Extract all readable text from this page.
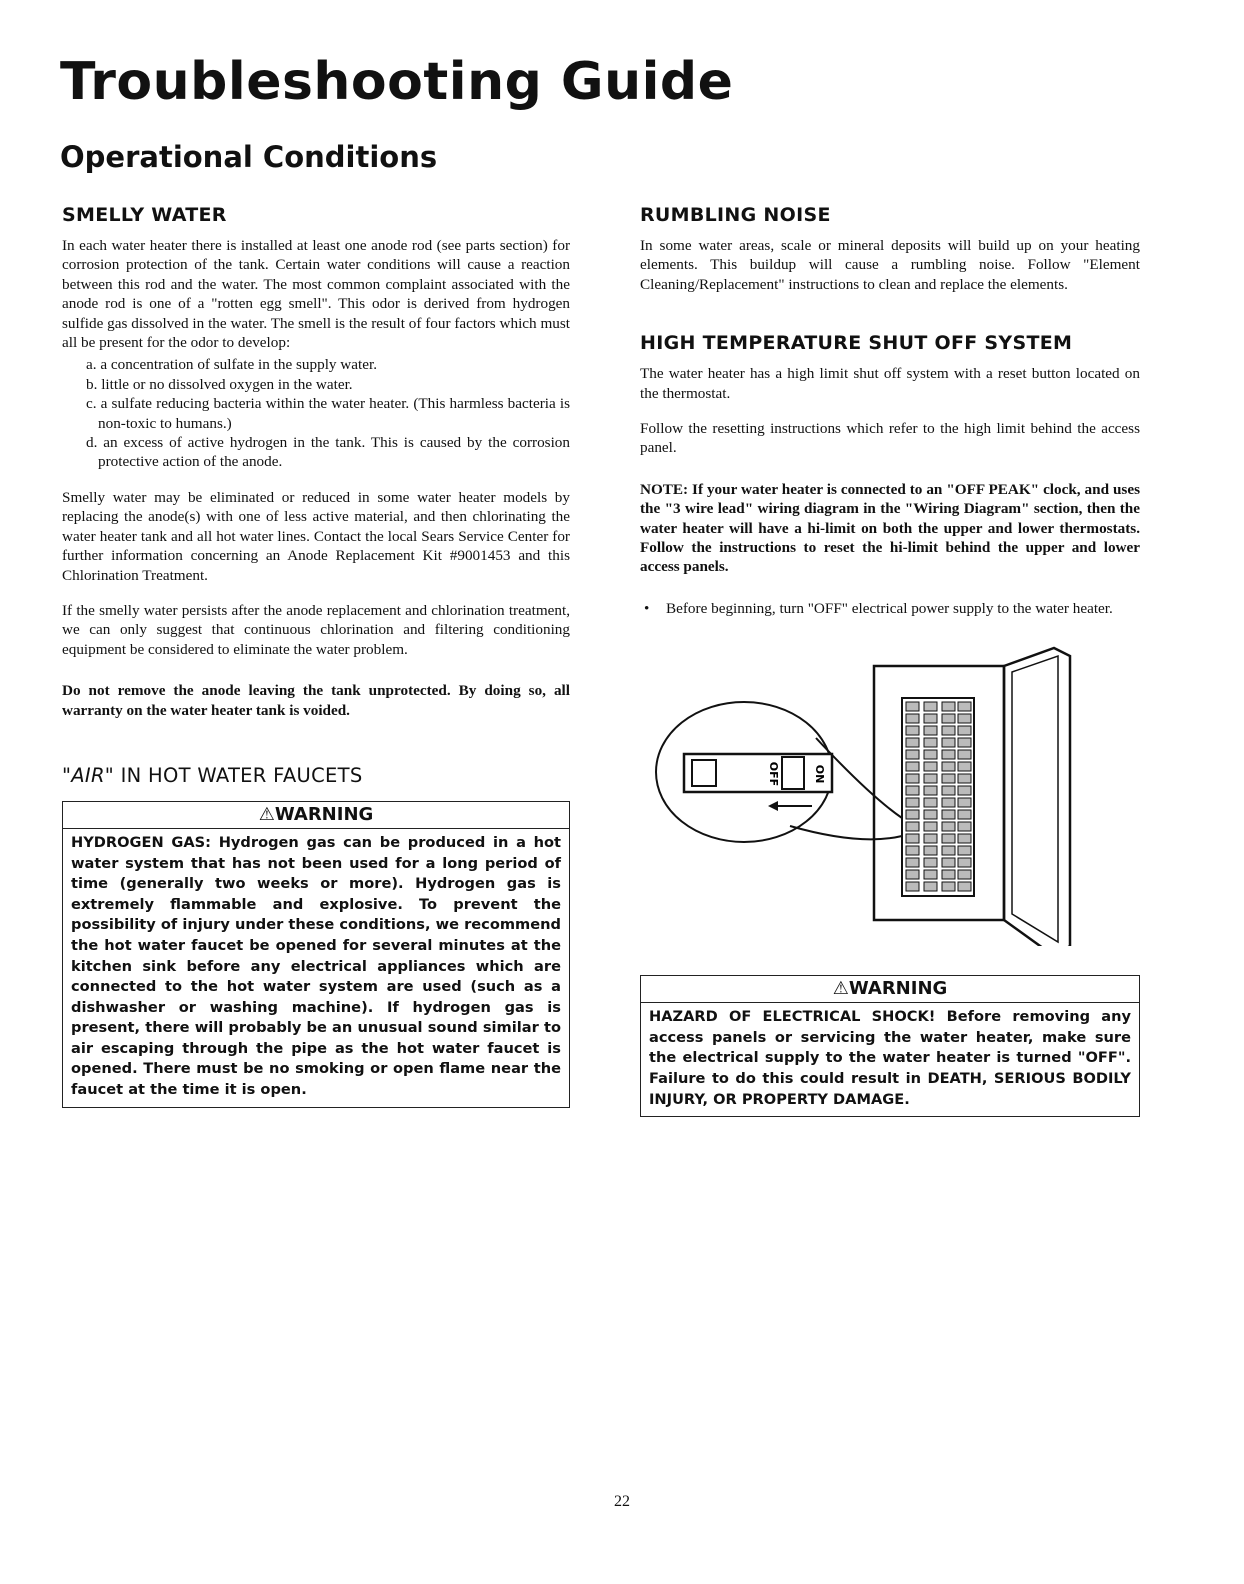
Troubleshooting Guide
Operational Conditions
SMELLY WATER

In each water heater there is installed at least one anode rod (see parts section) for corrosion protection of the tank. Certain water conditions will cause a reaction between this rod and the water. The most common complaint associated with the anode rod is one of a "rotten egg smell". This odor is derived from hydrogen sulfide gas dissolved in the water. The smell is the result of four factors which must all be present for the odor to develop:

a. a concentration of sulfate in the supply water.
b. little or no dissolved oxygen in the water.
c. a sulfate reducing bacteria within the water heater. (This harmless bacteria is non-toxic to humans.)
d. an excess of active hydrogen in the tank. This is caused by the corrosion protective action of the anode.

Smelly water may be eliminated or reduced in some water heater models by replacing the anode(s) with one of less active material, and then chlorinating the water heater tank and all hot water lines. Contact the local Sears Service Center for further information concerning an Anode Replacement Kit #9001453 and this Chlorination Treatment.

If the smelly water persists after the anode replacement and chlorination treatment, we can only suggest that continuous chlorination and filtering conditioning equipment be considered to eliminate the water problem.

Do not remove the anode leaving the tank unprotected. By doing so, all warranty on the water heater tank is voided.

"AIR" IN HOT WATER FAUCETS
⚠WARNING
HYDROGEN GAS: Hydrogen gas can be produced in a hot water system that has not been used for a long period of time (generally two weeks or more). Hydrogen gas is extremely flammable and explosive. To prevent the possibility of injury under these conditions, we recommend the hot water faucet be opened for several minutes at the kitchen sink before any electrical appliances which are connected to the hot water system are used (such as a dishwasher or washing machine). If hydrogen gas is present, there will probably be an unusual sound similar to air escaping through the pipe as the hot water faucet is opened. There must be no smoking or open flame near the faucet at the time it is open.
RUMBLING NOISE

In some water areas, scale or mineral deposits will build up on your heating elements. This buildup will cause a rumbling noise. Follow "Element Cleaning/Replacement" instructions to clean and replace the elements.

HIGH TEMPERATURE SHUT OFF SYSTEM

The water heater has a high limit shut off system with a reset button located on the thermostat.

Follow the resetting instructions which refer to the high limit behind the access panel.

NOTE: If your water heater is connected to an "OFF PEAK" clock, and uses the "3 wire lead" wiring diagram in the "Wiring Diagram" section, then the water heater will have a hi-limit on both the upper and lower thermostats. Follow the instructions to reset the hi-limit behind the upper and lower access panels.

•	Before beginning, turn "OFF" electrical power supply to the water heater.
OFF	ON
⚠WARNING
HAZARD OF ELECTRICAL SHOCK! Before removing any access panels or servicing the water heater, make sure the electrical supply to the water heater is turned "OFF". Failure to do this could result in DEATH, SERIOUS BODILY INJURY, OR PROPERTY DAMAGE.
22
